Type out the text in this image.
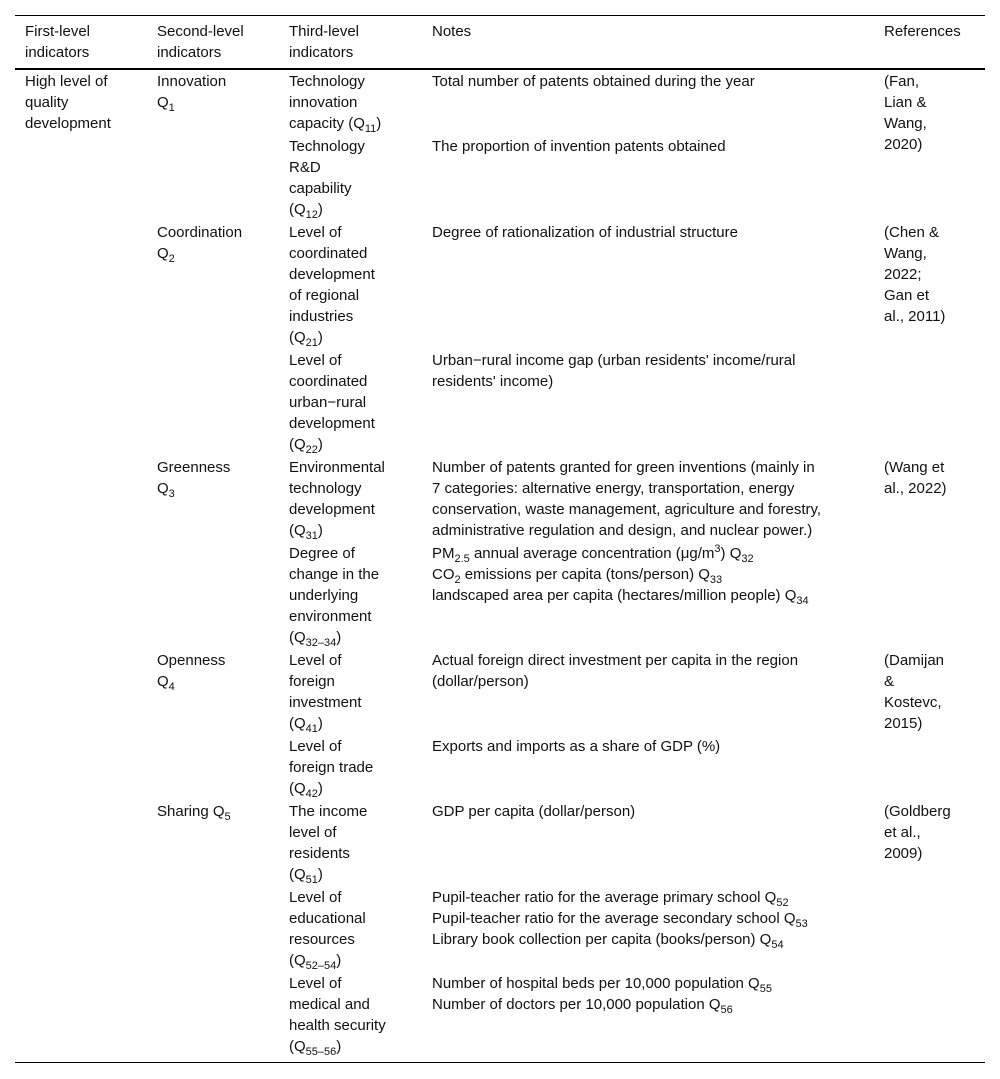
First-level
indicators
Second-level
indicators
Third-level
indicators
Notes	References
High level of
quality
development
Innovation
$Q_1$
(Fan,
Lian &
Wang,
2020)
Technology
innovation
capacity $(Q_{11})$
Total number of patents obtained during the year
Technology
R&D
capability
$(Q_{12})$
The proportion of invention patents obtained
Coordination
$Q_2$
(Chen &
Wang,
2022;
Gan et
al., 2011)
Level of
coordinated
development
of regional
industries
$(Q_{21})$
Degree of rationalization of industrial structure
Level of
coordinated
urban−rural
development
$(Q_{22})$
Urban−rural income gap (urban residents' income/rural
residents' income)
Greenness
$Q_3$
(Wang et
al., 2022)
Environmental
technology
development
$(Q_{31})$
Number of patents granted for green inventions (mainly in
7 categories: alternative energy, transportation, energy
conservation, waste management, agriculture and forestry,
administrative regulation and design, and nuclear power.)
Degree of
change in the
underlying
environment
$(Q_{32-34})$
$PM_{2.5}$ annual average concentration $(\mu g/m^3)$ $Q_{32}$
$CO_2$ emissions per capita (tons/person) $Q_{33}$
landscaped area per capita (hectares/million people) $Q_{34}$
Openness
$Q_4$
(Damijan
&
Kostevc,
2015)
Level of
foreign
investment
$(Q_{41})$
Actual foreign direct investment per capita in the region
(dollar/person)
Level of
foreign trade
$(Q_{42})$
Exports and imports as a share of GDP (%)
Sharing $Q_5$	(Goldberg
et al.,
2009)
The income
level of
residents
$(Q_{51})$
GDP per capita (dollar/person)
Level of
educational
resources
$(Q_{52-54})$
Pupil-teacher ratio for the average primary school $Q_{52}$
Pupil-teacher ratio for the average secondary school $Q_{53}$
Library book collection per capita (books/person) $Q_{54}$
Level of
medical and
health security
$(Q_{55-56})$
Number of hospital beds per 10,000 population $Q_{55}$
Number of doctors per 10,000 population $Q_{56}$
